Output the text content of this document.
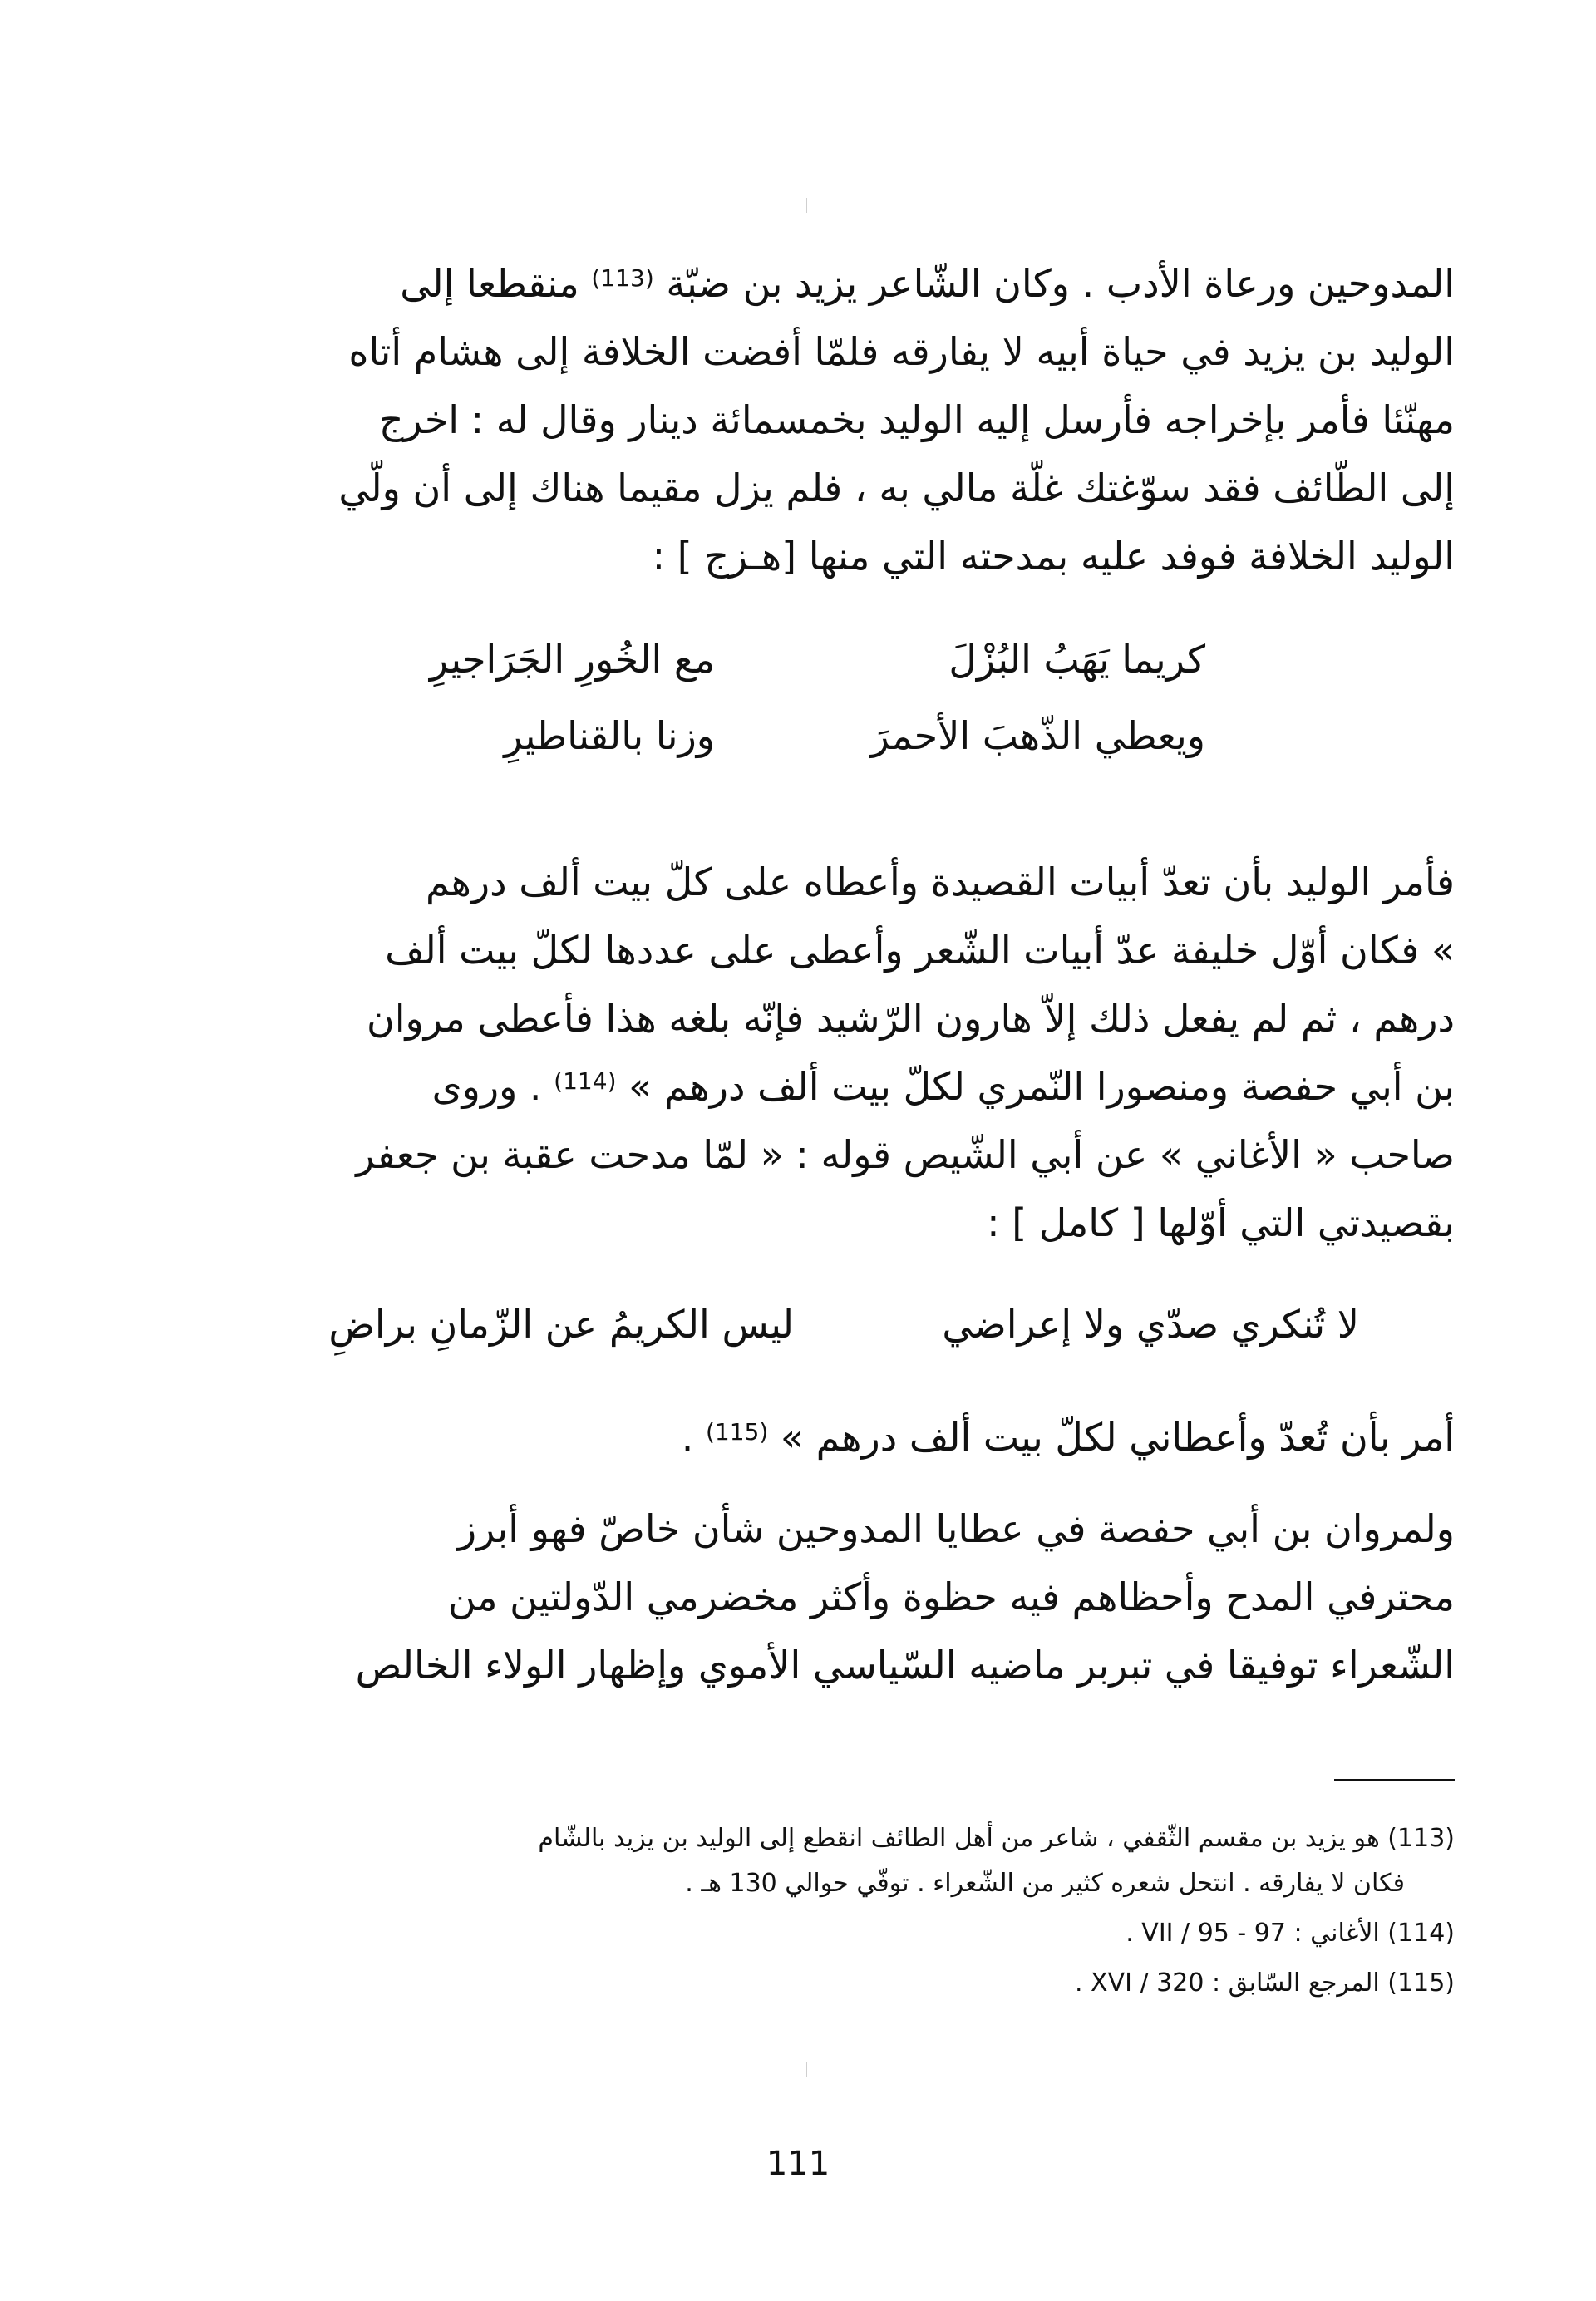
المدوحين ورعاة الأدب . وكان الشّاعر يزيد بن ضبّة $^{(113)}$ منقطعا إلى

الوليد بن يزيد في حياة أبيه لا يفارقه فلمّا أفضت الخلافة إلى هشام أتاه

مهنّئا فأمر بإخراجه فأرسل إليه الوليد بخمسمائة دينار وقال له : اخرج

إلى الطّائف فقد سوّغتك غلّة مالي به ، فلم يزل مقيما هناك إلى أن ولّي

الوليد الخلافة فوفد عليه بمدحته التي منها [هـزج ] :

كريما يَهَبُ البُزْلَ
مع الخُورِ الجَرَاجيرِ
ويعطي الذّهبَ الأحمرَ
وزنا بالقناطيرِ

فأمر الوليد بأن تعدّ أبيات القصيدة وأعطاه على كلّ بيت ألف درهم

» فكان أوّل خليفة عدّ أبيات الشّعر وأعطى على عددها لكلّ بيت ألف

درهم ، ثم لم يفعل ذلك إلاّ هارون الرّشيد فإنّه بلغه هذا فأعطى مروان

بن أبي حفصة ومنصورا النّمري لكلّ بيت ألف درهم » $^{(114)}$ . وروى

صاحب « الأغاني » عن أبي الشّيص قوله : « لمّا مدحت عقبة بن جعفر

بقصيدتي التي أوّلها [ كامل ] :

لا تُنكري صدّي ولا إعراضي
ليس الكريمُ عن الزّمانِ براضِ

أمر بأن تُعدّ وأعطاني لكلّ بيت ألف درهم » $^{(115)}$ .

ولمروان بن أبي حفصة في عطايا المدوحين شأن خاصّ فهو أبرز

محترفي المدح وأحظاهم فيه حظوة وأكثر مخضرمي الدّولتين من

الشّعراء توفيقا في تبربر ماضيه السّياسي الأموي وإظهار الولاء الخالص

(113) هو يزيد بن مقسم الثّقفي ، شاعر من أهل الطائف انقطع إلى الوليد بن يزيد بالشّام

فكان لا يفارقه . انتحل شعره كثير من الشّعراء . توفّي حوالي 130 هـ .

(114) الأغاني : VII / 95 - 97 .

(115) المرجع السّابق : XVI / 320 .

111
